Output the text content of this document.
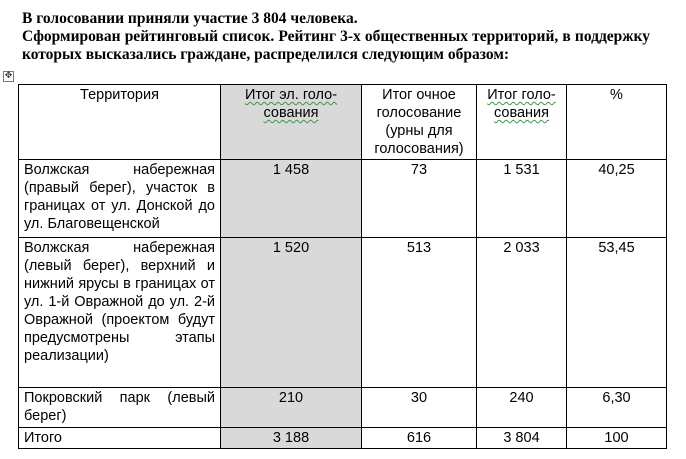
В голосовании приняли участие 3 804 человека.

Сформирован рейтинговый список. Рейтинг 3-х общественных территорий, в поддержку которых высказались граждане, распределился следующим образом:

✥
Территория	Итог эл. голо-сования	Итог очное голосование (урны для голосования)	Итог голо-сования	%
Волжская набережная (правый берег), участок в границах от ул. Донской до ул. Благовещенской	1 458	73	1 531	40,25
Волжская набережная (левый берег), верхний и нижний ярусы в границах от ул. 1-й Овражной до ул. 2-й Овражной (проектом будут предусмотрены этапы реализации)	1 520	513	2 033	53,45
Покровский парк (левый берег)	210	30	240	6,30
Итого	3 188	616	3 804	100
